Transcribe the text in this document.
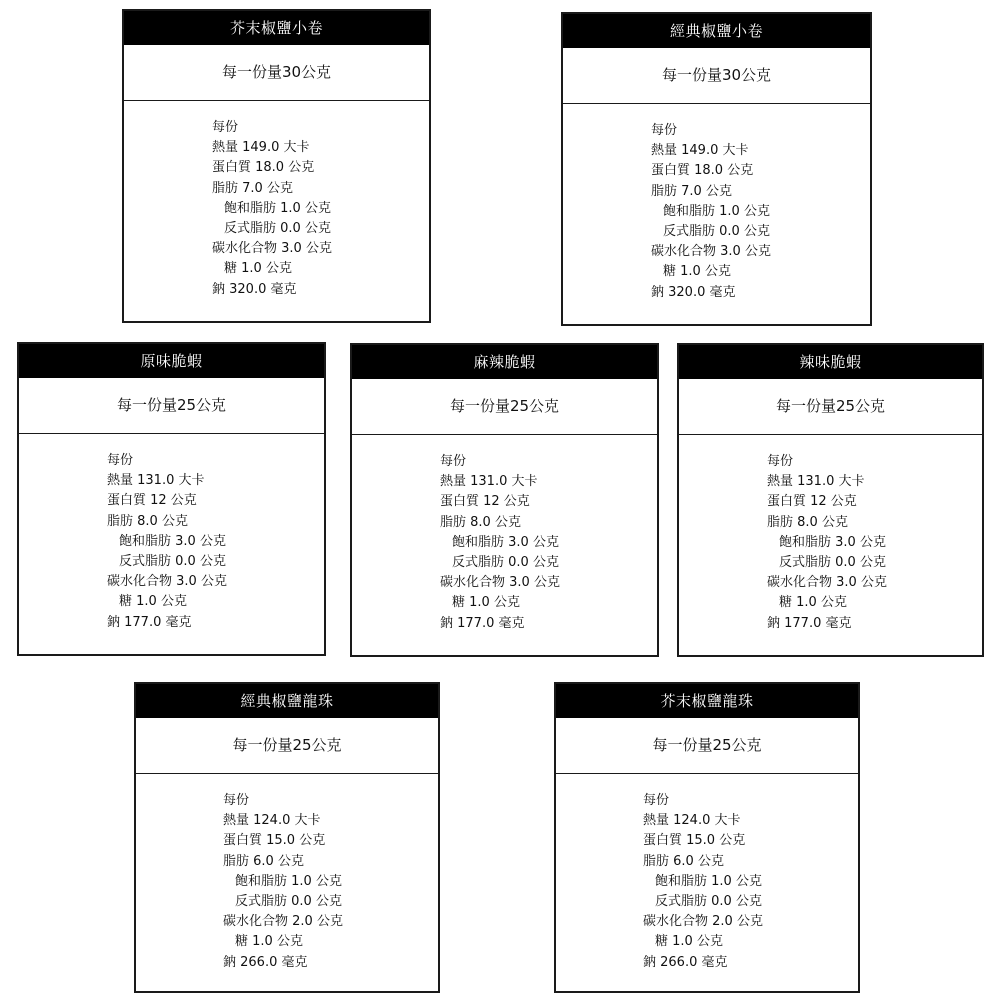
芥末椒鹽小卷
每一份量30公克
每份
熱量 149.0 大卡
蛋白質 18.0 公克
脂肪 7.0 公克
飽和脂肪 1.0 公克
反式脂肪 0.0 公克
碳水化合物 3.0 公克
糖 1.0 公克
鈉 320.0 毫克
經典椒鹽小卷
每一份量30公克
每份
熱量 149.0 大卡
蛋白質 18.0 公克
脂肪 7.0 公克
飽和脂肪 1.0 公克
反式脂肪 0.0 公克
碳水化合物 3.0 公克
糖 1.0 公克
鈉 320.0 毫克
原味脆蝦
每一份量25公克
每份
熱量 131.0 大卡
蛋白質 12 公克
脂肪 8.0 公克
飽和脂肪 3.0 公克
反式脂肪 0.0 公克
碳水化合物 3.0 公克
糖 1.0 公克
鈉 177.0 毫克
麻辣脆蝦
每一份量25公克
每份
熱量 131.0 大卡
蛋白質 12 公克
脂肪 8.0 公克
飽和脂肪 3.0 公克
反式脂肪 0.0 公克
碳水化合物 3.0 公克
糖 1.0 公克
鈉 177.0 毫克
辣味脆蝦
每一份量25公克
每份
熱量 131.0 大卡
蛋白質 12 公克
脂肪 8.0 公克
飽和脂肪 3.0 公克
反式脂肪 0.0 公克
碳水化合物 3.0 公克
糖 1.0 公克
鈉 177.0 毫克
經典椒鹽龍珠
每一份量25公克
每份
熱量 124.0 大卡
蛋白質 15.0 公克
脂肪 6.0 公克
飽和脂肪 1.0 公克
反式脂肪 0.0 公克
碳水化合物 2.0 公克
糖 1.0 公克
鈉 266.0 毫克
芥末椒鹽龍珠
每一份量25公克
每份
熱量 124.0 大卡
蛋白質 15.0 公克
脂肪 6.0 公克
飽和脂肪 1.0 公克
反式脂肪 0.0 公克
碳水化合物 2.0 公克
糖 1.0 公克
鈉 266.0 毫克
